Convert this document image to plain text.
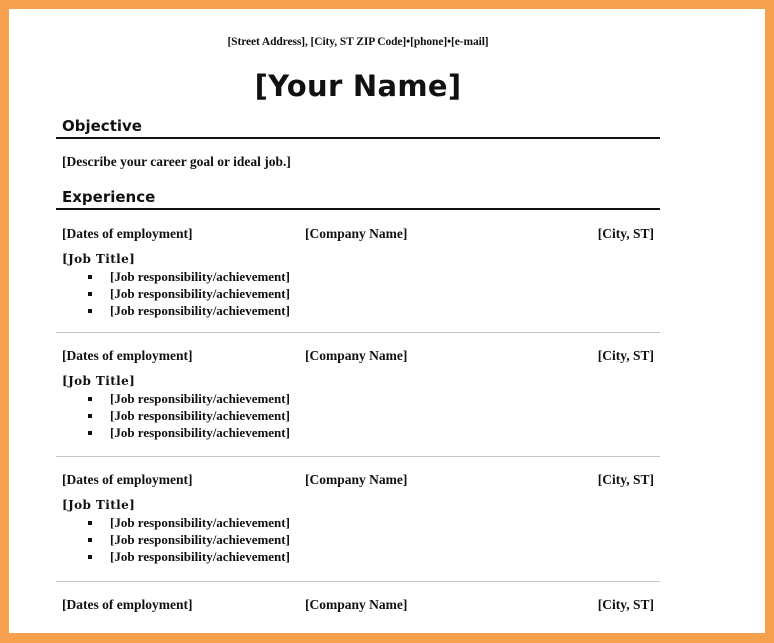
[Street Address], [City, ST ZIP Code]•[phone]•[e-mail]
[Your Name]
Objective
[Describe your career goal or ideal job.]
Experience
[Dates of employment]	[Company Name]	[City, ST]
[Job Title]
[Job responsibility/achievement]
[Job responsibility/achievement]
[Job responsibility/achievement]
[Dates of employment]	[Company Name]	[City, ST]
[Job Title]
[Job responsibility/achievement]
[Job responsibility/achievement]
[Job responsibility/achievement]
[Dates of employment]	[Company Name]	[City, ST]
[Job Title]
[Job responsibility/achievement]
[Job responsibility/achievement]
[Job responsibility/achievement]
[Dates of employment]	[Company Name]	[City, ST]
